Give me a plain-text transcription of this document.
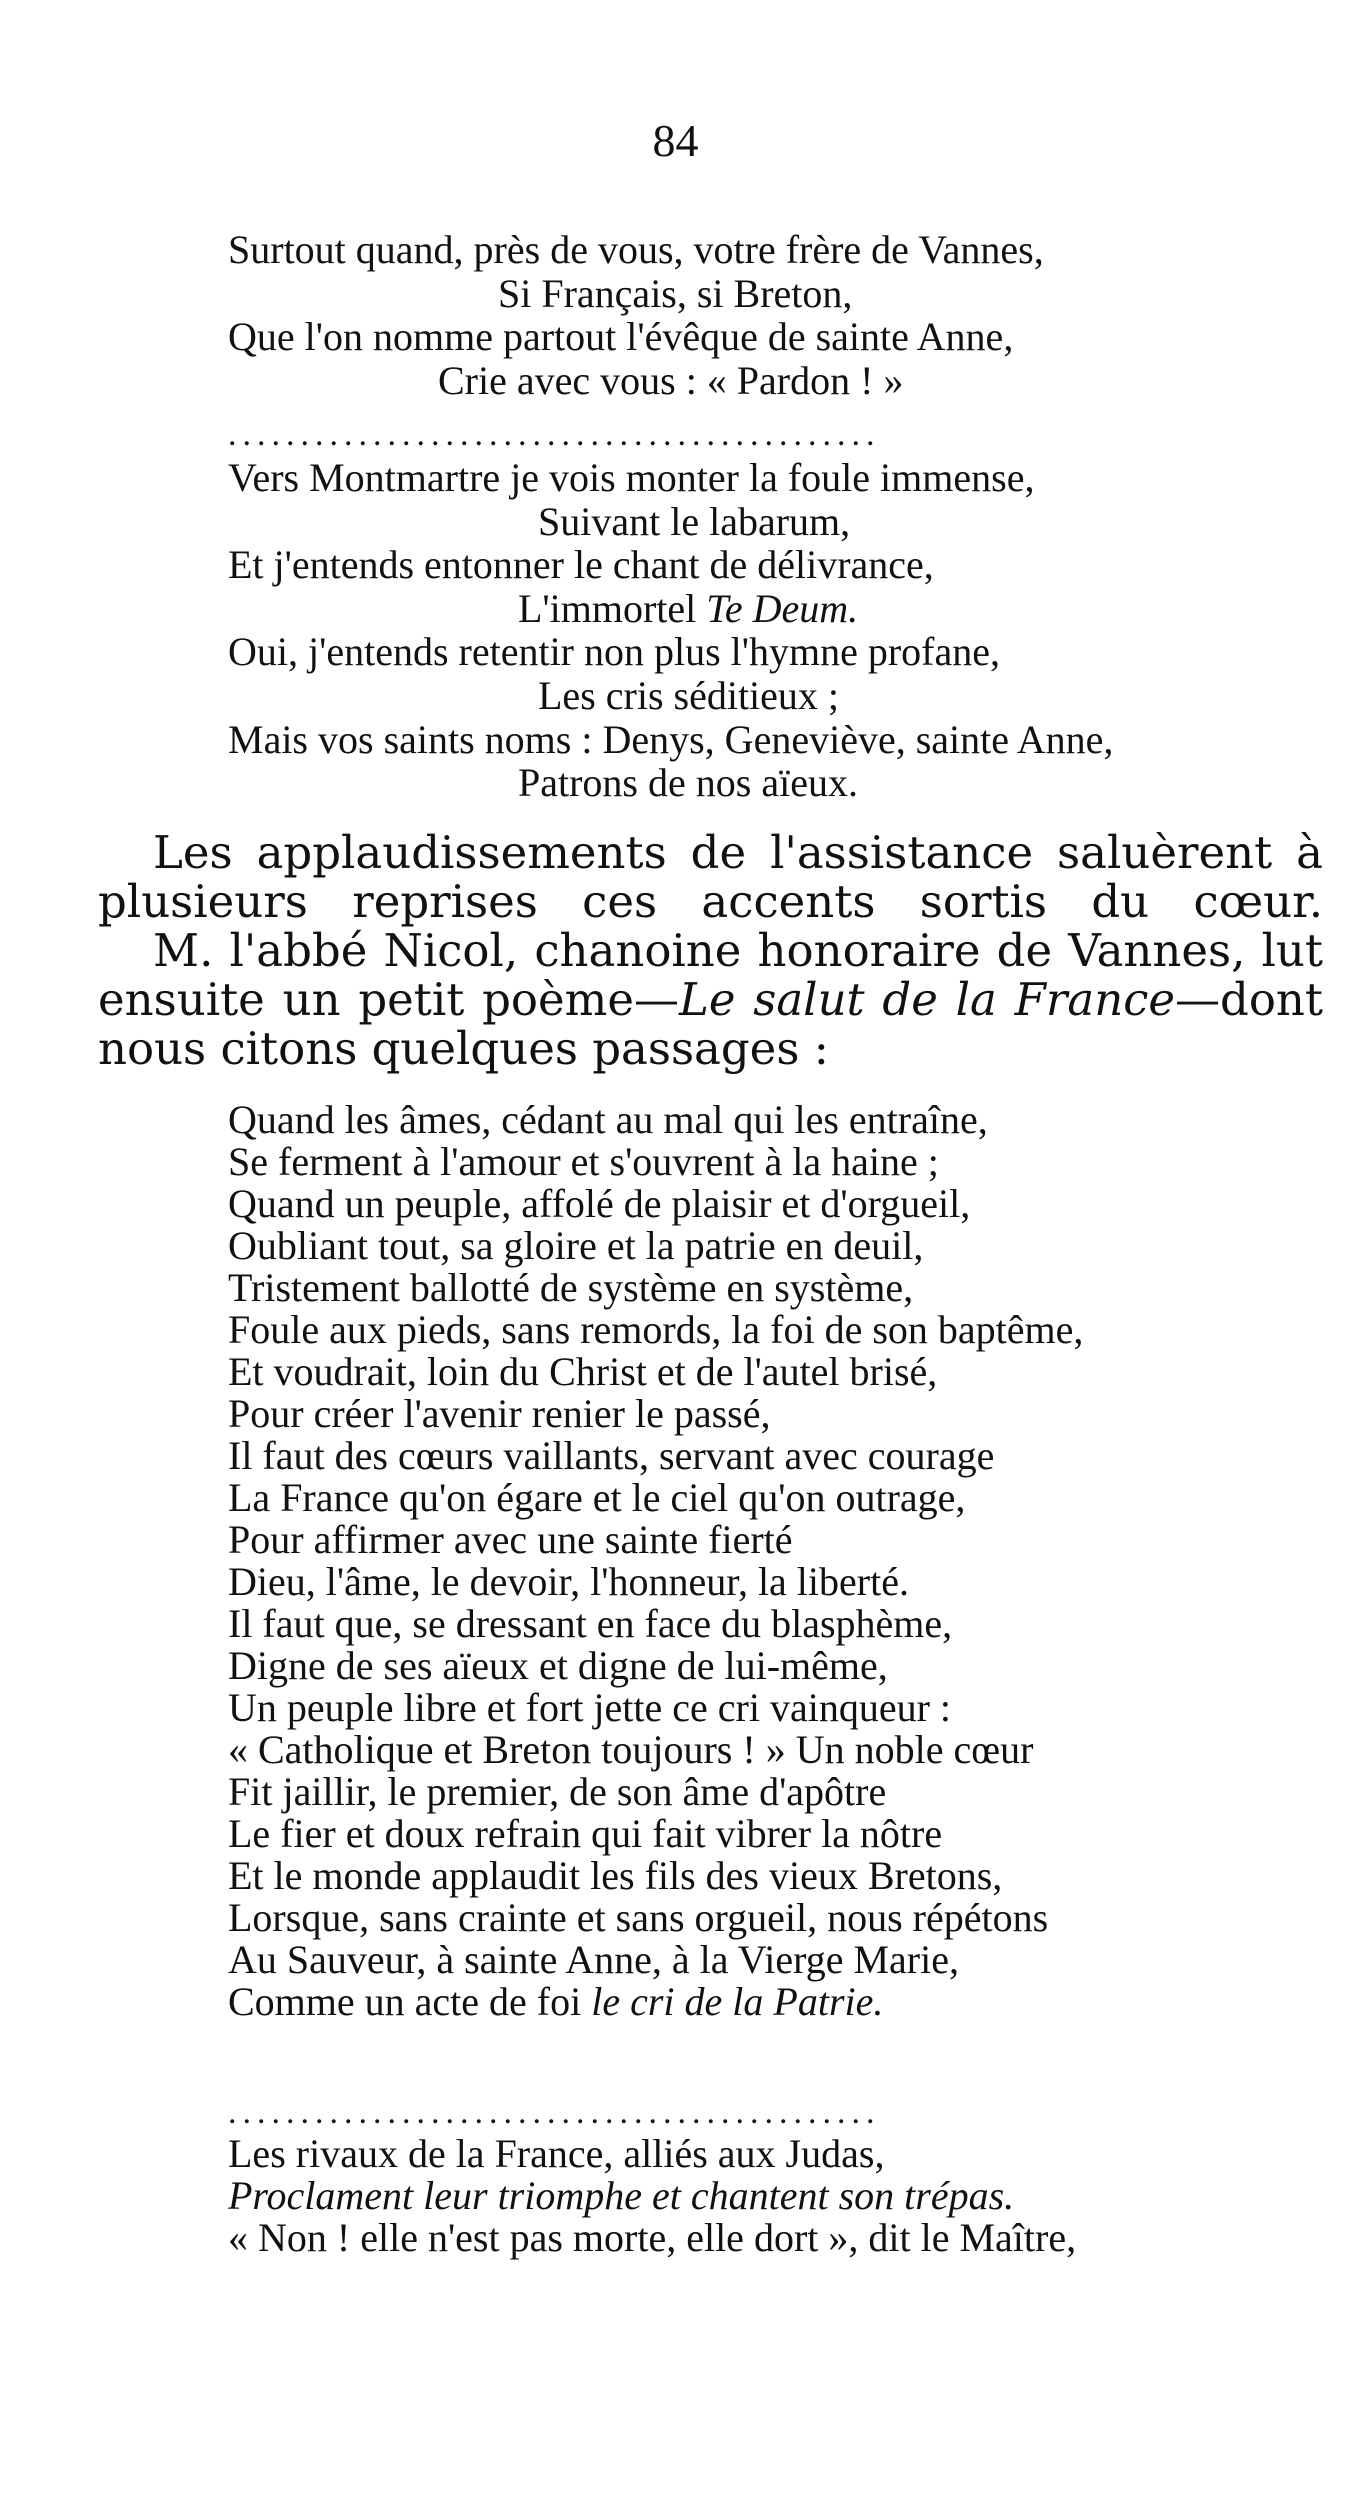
84
Surtout quand, près de vous, votre frère de Vannes,
Si Français, si Breton,
Que l'on nomme partout l'évêque de sainte Anne,
Crie avec vous : « Pardon ! »
.............................................
Vers Montmartre je vois monter la foule immense,
Suivant le labarum,
Et j'entends entonner le chant de délivrance,
L'immortel Te Deum.
Oui, j'entends retentir non plus l'hymne profane,
Les cris séditieux ;
Mais vos saints noms : Denys, Geneviève, sainte Anne,
Patrons de nos aïeux.

Les applaudissements de l'assistance saluèrent à plusieurs reprises ces accents sortis du cœur.

M. l'abbé Nicol, chanoine honoraire de Vannes, lut ensuite un petit poème—Le salut de la France—dont nous citons quelques passages :

Quand les âmes, cédant au mal qui les entraîne,
Se ferment à l'amour et s'ouvrent à la haine ;
Quand un peuple, affolé de plaisir et d'orgueil,
Oubliant tout, sa gloire et la patrie en deuil,
Tristement ballotté de système en système,
Foule aux pieds, sans remords, la foi de son baptême,
Et voudrait, loin du Christ et de l'autel brisé,
Pour créer l'avenir renier le passé,
Il faut des cœurs vaillants, servant avec courage
La France qu'on égare et le ciel qu'on outrage,
Pour affirmer avec une sainte fierté
Dieu, l'âme, le devoir, l'honneur, la liberté.
Il faut que, se dressant en face du blasphème,
Digne de ses aïeux et digne de lui-même,
Un peuple libre et fort jette ce cri vainqueur :
« Catholique et Breton toujours ! » Un noble cœur
Fit jaillir, le premier, de son âme d'apôtre
Le fier et doux refrain qui fait vibrer la nôtre
Et le monde applaudit les fils des vieux Bretons,
Lorsque, sans crainte et sans orgueil, nous répétons
Au Sauveur, à sainte Anne, à la Vierge Marie,
Comme un acte de foi le cri de la Patrie.
.............................................
Les rivaux de la France, alliés aux Judas,
Proclament leur triomphe et chantent son trépas.
« Non ! elle n'est pas morte, elle dort », dit le Maître,
